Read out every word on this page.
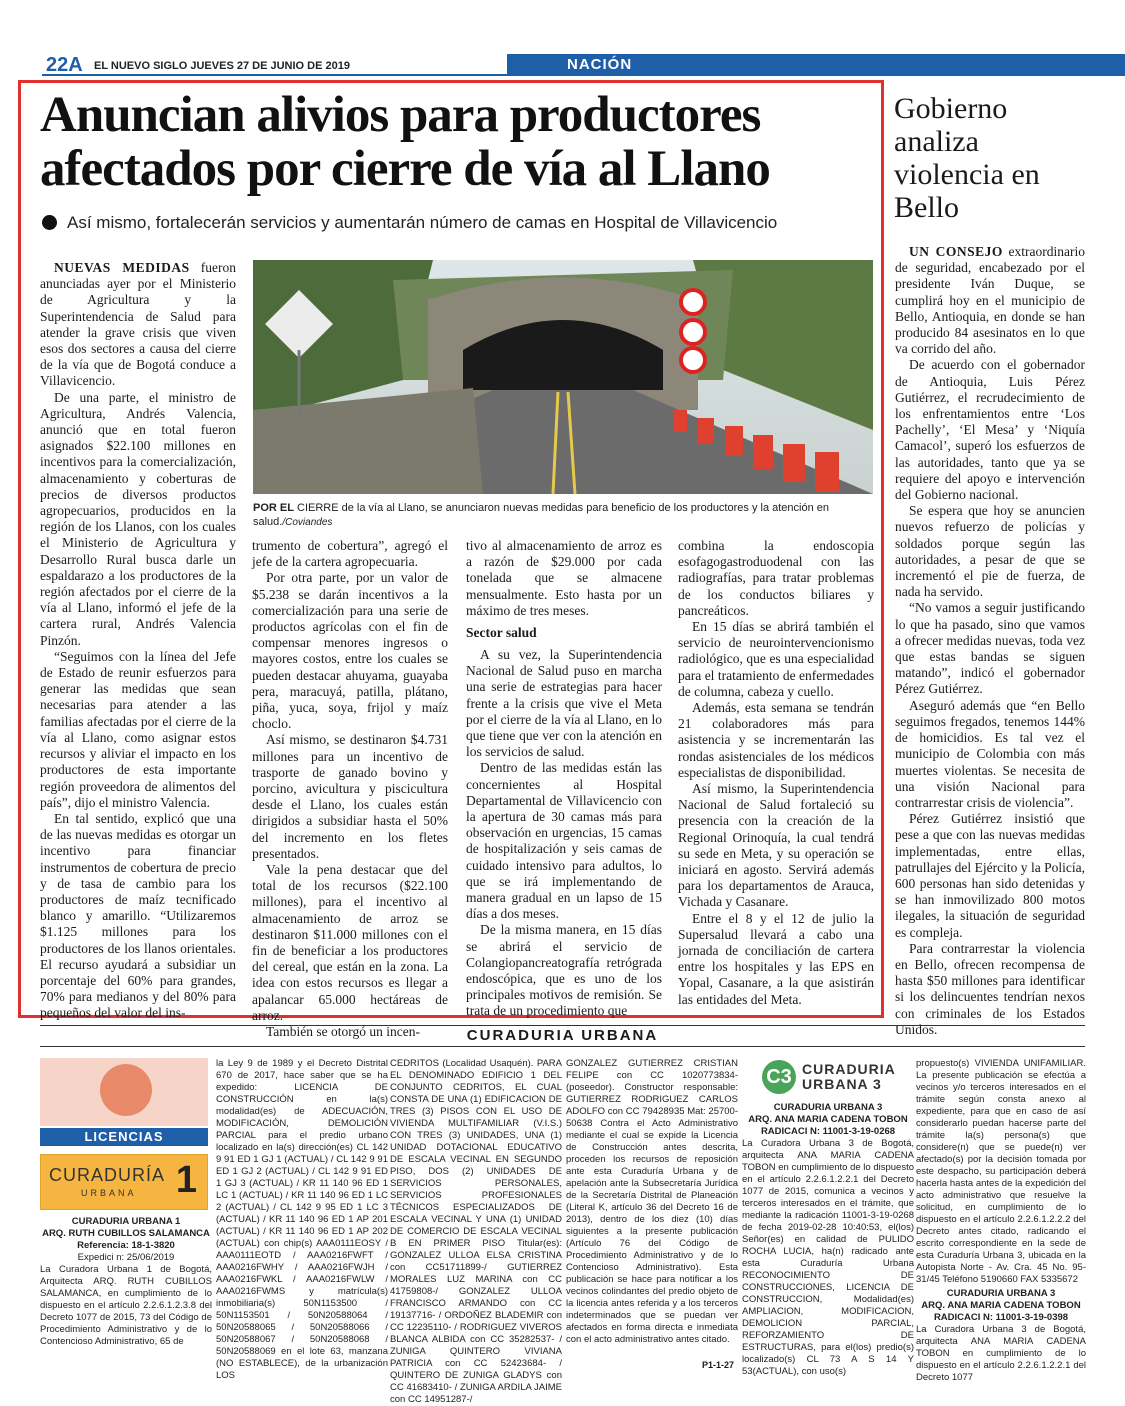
22A EL NUEVO SIGLO JUEVES 27 DE JUNIO DE 2019	NACIÓN
Anuncian alivios para productores
afectados por cierre de vía al Llano
Así mismo, fortalecerán servicios y aumentarán número de camas en Hospital de Villavicencio
POR EL CIERRE de la vía al Llano, se anunciaron nuevas medidas para beneficio de los productores y la atención en salud./Coviandes

NUEVAS MEDIDAS fueron anunciadas ayer por el Ministerio de Agricultura y la Superintendencia de Salud para atender la grave crisis que viven esos dos sectores a causa del cierre de la vía que de Bogotá conduce a Villavicencio.

De una parte, el ministro de Agricultura, Andrés Valencia, anunció que en total fueron asignados $22.100 millones en incentivos para la comercialización, almacenamiento y coberturas de precios de diversos productos agropecuarios, producidos en la región de los Llanos, con los cuales el Ministerio de Agricultura y Desarrollo Rural busca darle un espaldarazo a los productores de la región afectados por el cierre de la vía al Llano, informó el jefe de la cartera rural, Andrés Valencia Pinzón.

“Seguimos con la línea del Jefe de Estado de reunir esfuerzos para generar las medidas que sean necesarias para atender a las familias afectadas por el cierre de la vía al Llano, como asignar estos recursos y aliviar el impacto en los productores de esta importante región proveedora de alimentos del país”, dijo el ministro Valencia.

En tal sentido, explicó que una de las nuevas medidas es otorgar un incentivo para financiar instrumentos de cobertura de precio y de tasa de cambio para los productores de maíz tecnificado blanco y amarillo. “Utilizaremos $1.125 millones para los productores de los llanos orientales. El recurso ayudará a subsidiar un porcentaje del 60% para grandes, 70% para medianos y del 80% para pequeños del valor del ins-

trumento de cobertura”, agregó el jefe de la cartera agropecuaria.

Por otra parte, por un valor de $5.238 se darán incentivos a la comercialización para una serie de productos agrícolas con el fin de compensar menores ingresos o mayores costos, entre los cuales se pueden destacar ahuyama, guayaba pera, maracuyá, patilla, plátano, piña, yuca, soya, frijol y maíz choclo.

Así mismo, se destinaron $4.731 millones para un incentivo de trasporte de ganado bovino y porcino, avicultura y piscicultura desde el Llano, los cuales están dirigidos a subsidiar hasta el 50% del incremento en los fletes presentados.

Vale la pena destacar que del total de los recursos ($22.100 millones), para el incentivo al almacenamiento de arroz se destinaron $11.000 millones con el fin de beneficiar a los productores del cereal, que están en la zona. La idea con estos recursos es llegar a apalancar 65.000 hectáreas de arroz.

También se otorgó un incen-

tivo al almacenamiento de arroz es a razón de $29.000 por cada tonelada que se almacene mensualmente. Esto hasta por un máximo de tres meses.

Sector salud

A su vez, la Superintendencia Nacional de Salud puso en marcha una serie de estrategias para hacer frente a la crisis que vive el Meta por el cierre de la vía al Llano, en lo que tiene que ver con la atención en los servicios de salud.

Dentro de las medidas están las concernientes al Hospital Departamental de Villavicencio con la apertura de 30 camas más para observación en urgencias, 15 camas de hospitalización y seis camas de cuidado intensivo para adultos, lo que se irá implementando de manera gradual en un lapso de 15 días a dos meses.

De la misma manera, en 15 días se abrirá el servicio de Colangiopancreatografía retrógrada endoscópica, que es uno de los principales motivos de remisión. Se trata de un procedimiento que

combina la endoscopia esofagogastroduodenal con las radiografías, para tratar problemas de los conductos biliares y pancreáticos.

En 15 días se abrirá también el servicio de neurointervencionismo radiológico, que es una especialidad para el tratamiento de enfermedades de columna, cabeza y cuello.

Además, esta semana se tendrán 21 colaboradores más para asistencia y se incrementarán las rondas asistenciales de los médicos especialistas de disponibilidad.

Así mismo, la Superintendencia Nacional de Salud fortaleció su presencia con la creación de la Regional Orinoquía, la cual tendrá su sede en Meta, y su operación se iniciará en agosto. Servirá además para los departamentos de Arauca, Vichada y Casanare.

Entre el 8 y el 12 de julio la Supersalud llevará a cabo una jornada de conciliación de cartera entre los hospitales y las EPS en Yopal, Casanare, a la que asistirán las entidades del Meta.

Gobierno analiza violencia en Bello

UN CONSEJO extraordinario de seguridad, encabezado por el presidente Iván Duque, se cumplirá hoy en el municipio de Bello, Antioquia, en donde se han producido 84 asesinatos en lo que va corrido del año.

De acuerdo con el gobernador de Antioquia, Luis Pérez Gutiérrez, el recrudecimiento de los enfrentamientos entre ‘Los Pachelly’, ‘El Mesa’ y ‘Niquía Camacol’, superó los esfuerzos de las autoridades, tanto que ya se requiere del apoyo e intervención del Gobierno nacional.

Se espera que hoy se anuncien nuevos refuerzo de policías y soldados porque según las autoridades, a pesar de que se incrementó el pie de fuerza, de nada ha servido.

“No vamos a seguir justificando lo que ha pasado, sino que vamos a ofrecer medidas nuevas, toda vez que estas bandas se siguen matando”, indicó el gobernador Pérez Gutiérrez.

Aseguró además que “en Bello seguimos fregados, tenemos 144% de homicidios. Es tal vez el municipio de Colombia con más muertes violentas. Se necesita de una visión Nacional para contrarrestar crisis de violencia”.

Pérez Gutiérrez insistió que pese a que con las nuevas medidas implementadas, entre ellas, patrullajes del Ejército y la Policía, 600 personas han sido detenidas y se han inmovilizado 800 motos ilegales, la situación de seguridad es compleja.

Para contrarrestar la violencia en Bello, ofrecen recompensa de hasta $50 millones para identificar si los delincuentes tendrían nexos con criminales de los Estados Unidos.

CURADURIA URBANA
LICENCIAS
CURADURÍA
URBANA 1
CURADURIA URBANA 1
ARQ. RUTH CUBILLOS SALAMANCA
Referencia: 18-1-3820
Expedici n: 25/06/2019
La Curadora Urbana 1 de Bogotá, Arquitecta ARQ. RUTH CUBILLOS SALAMANCA, en cumplimiento de lo dispuesto en el artículo 2.2.6.1.2.3.8 del Decreto 1077 de 2015, 73 del Código de Procedimiento Administrativo y de lo Contencioso Administrativo, 65 de
la Ley 9 de 1989 y el Decreto Distrital 670 de 2017, hace saber que se ha expedido: LICENCIA DE CONSTRUCCIÓN en la(s) modalidad(es) de ADECUACIÓN, MODIFICACIÓN, DEMOLICIÓN PARCIAL para el predio urbano localizado en la(s) dirección(es) CL 142 9 91 ED 1 GJ 1 (ACTUAL) / CL 142 9 91 ED 1 GJ 2 (ACTUAL) / CL 142 9 91 ED 1 GJ 3 (ACTUAL) / KR 11 140 96 ED 1 LC 1 (ACTUAL) / KR 11 140 96 ED 1 LC 2 (ACTUAL) / CL 142 9 95 ED 1 LC 3 (ACTUAL) / KR 11 140 96 ED 1 AP 201 (ACTUAL) / KR 11 140 96 ED 1 AP 202 (ACTUAL) con chip(s) AAA0111EOSY / AAA0111EOTD / AAA0216FWFT / AAA0216FWHY / AAA0216FWJH / AAA0216FWKL / AAA0216FWLW / AAA0216FWMS y matrícula(s) inmobiliaria(s) 50N1153500 / 50N1153501 / 50N20588064 / 50N20588065 / 50N20588066 / 50N20588067 / 50N20588068 / 50N20588069 en el lote 63, manzana (NO ESTABLECE), de la urbanización LOS
CEDRITOS (Localidad Usaquén). PARA EL DENOMINADO EDIFICIO 1 DEL CONJUNTO CEDRITOS, EL CUAL CONSTA DE UNA (1) EDIFICACION DE TRES (3) PISOS CON EL USO DE VIVIENDA MULTIFAMILIAR (V.I.S.) CON TRES (3) UNIDADES, UNA (1) UNIDAD DOTACIONAL EDUCATIVO DE ESCALA VECINAL EN SEGUNDO PISO, DOS (2) UNIDADES DE SERVICIOS PERSONALES, SERVICIOS PROFESIONALES TÉCNICOS ESPECIALIZADOS DE ESCALA VECINAL Y UNA (1) UNIDAD DE COMERCIO DE ESCALA VECINAL B EN PRIMER PISO Titular(es): GONZALEZ ULLOA ELSA CRISTINA con CC51711899-/ GUTIERREZ MORALES LUZ MARINA con CC 41759808-/ GONZALEZ ULLOA FRANCISCO ARMANDO con CC 19137716- / ORDOÑEZ BLADEMIR con CC 12235110- / RODRIGUEZ VIVEROS BLANCA ALBIDA con CC 35282537- / ZUNIGA QUINTERO VIVIANA PATRICIA con CC 52423684- / QUINTERO DE ZUNIGA GLADYS con CC 41683410- / ZUNIGA ARDILA JAIME con CC 14951287-/
GONZALEZ GUTIERREZ CRISTIAN FELIPE con CC 1020773834- (poseedor). Constructor responsable: GUTIERREZ RODRIGUEZ CARLOS ADOLFO con CC 79428935 Mat: 25700-50638 Contra el Acto Administrativo mediante el cual se expide la Licencia de Construcción antes descrita, proceden los recursos de reposición ante esta Curaduría Urbana y de apelación ante la Subsecretaría Jurídica de la Secretaría Distrital de Planeación (Literal K, artículo 36 del Decreto 16 de 2013), dentro de los diez (10) días siguientes a la presente publicación (Artículo 76 del Código de Procedimiento Administrativo y de lo Contencioso Administrativo). Esta publicación se hace para notificar a los vecinos colindantes del predio objeto de la licencia antes referida y a los terceros indeterminados que se puedan ver afectados en forma directa e inmediata con el acto administrativo antes citado.
P1-1-27
C3 CURADURIA
URBANA 3
CURADURIA URBANA 3
ARQ. ANA MARIA CADENA TOBON
RADICACI N: 11001-3-19-0268
La Curadora Urbana 3 de Bogotá, arquitecta ANA MARIA CADENA TOBON en cumplimiento de lo dispuesto en el artículo 2.2.6.1.2.2.1 del Decreto 1077 de 2015, comunica a vecinos y terceros interesados en el trámite, que mediante la radicación 11001-3-19-0268 de fecha 2019-02-28 10:40:53, el(los) Señor(es) en calidad de PULIDO ROCHA LUCIA, ha(n) radicado ante esta Curaduría Urbana RECONOCIMIENTO DE CONSTRUCCIONES, LICENCIA DE CONSTRUCCION, Modalidad(es) AMPLIACION, MODIFICACION, DEMOLICION PARCIAL, REFORZAMIENTO DE ESTRUCTURAS, para el(los) predio(s) localizado(s) CL 73 A S 14 Y 53(ACTUAL), con uso(s)
propuesto(s) VIVIENDA UNIFAMILIAR. La presente publicación se efectúa a vecinos y/o terceros interesados en el trámite según consta anexo al expediente, para que en caso de así considerarlo puedan hacerse parte del trámite la(s) persona(s) que considere(n) que se puede(n) ver afectado(s) por la decisión tomada por este despacho, su participación deberá hacerla hasta antes de la expedición del acto administrativo que resuelve la solicitud, en cumplimiento de lo dispuesto en el artículo 2.2.6.1.2.2.2 del Decreto antes citado, radicando el escrito correspondiente en la sede de esta Curaduría Urbana 3, ubicada en la Autopista Norte - Av. Cra. 45 No. 95-31/45 Teléfono 5190660 FAX 5335672
CURADURIA URBANA 3
ARQ. ANA MARIA CADENA TOBON
RADICACI N: 11001-3-19-0398
La Curadora Urbana 3 de Bogotá, arquitecta ANA MARIA CADENA TOBON en cumplimiento de lo dispuesto en el artículo 2.2.6.1.2.2.1 del Decreto 1077
